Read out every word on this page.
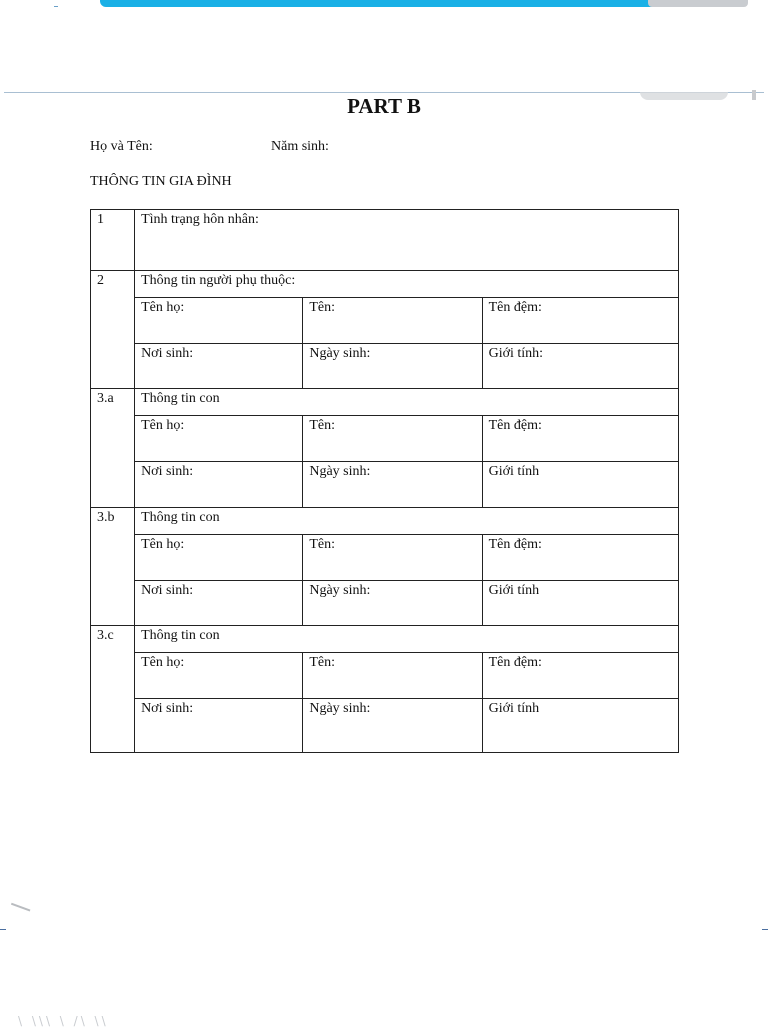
PART B
Họ và Tên:	Năm sinh:
THÔNG TIN GIA ĐÌNH
1	Tình trạng hôn nhân:		
2	Thông tin người phụ thuộc:		
	Tên họ:	Tên:	Tên đệm:
	Nơi sinh:	Ngày sinh:	Giới tính:
3.a	Thông tin con		
	Tên họ:	Tên:	Tên đệm:
	Nơi sinh:	Ngày sinh:	Giới tính
3.b	Thông tin con		
	Tên họ:	Tên:	Tên đệm:
	Nơi sinh:	Ngày sinh:	Giới tính
3.c	Thông tin con		
	Tên họ:	Tên:	Tên đệm:
	Nơi sinh:	Ngày sinh:	Giới tính
\ \\\ \ /\ \\
